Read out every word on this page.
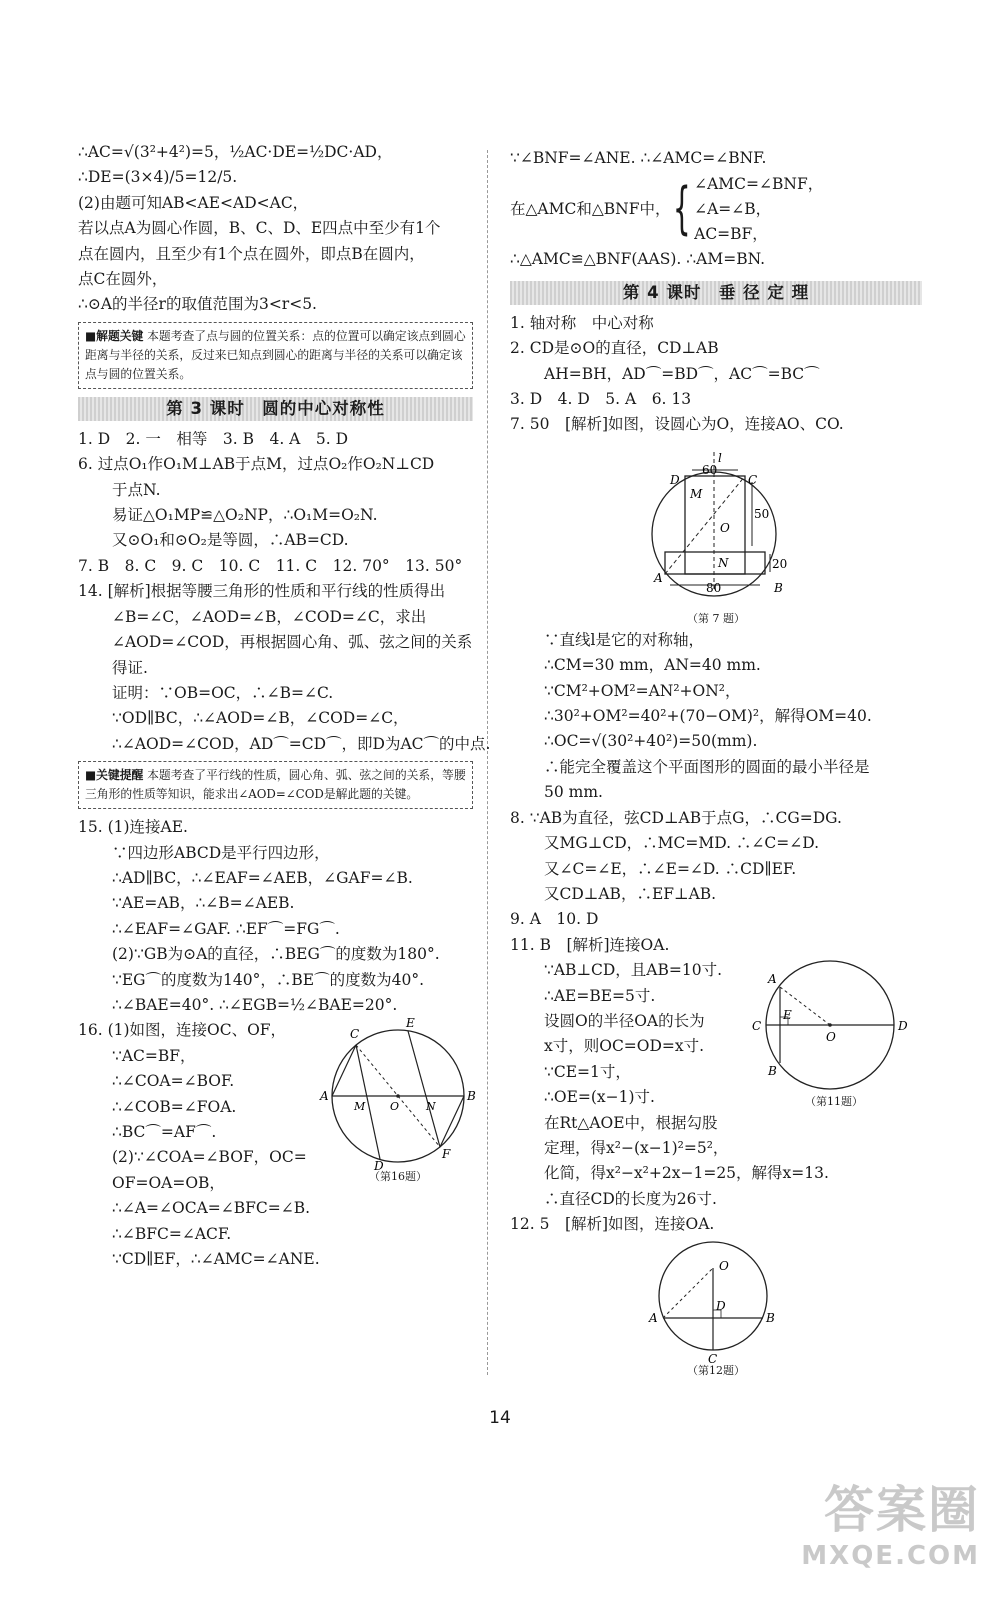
∴AC=√(3²+4²)=5，½AC·DE=½DC·AD，
∴DE=(3×4)/5=12/5.
(2)由题可知AB<AE<AD<AC，
若以点A为圆心作圆，B、C、D、E四点中至少有1个
点在圆内，且至少有1个点在圆外，即点B在圆内，
点C在圆外，
∴⊙A的半径r的取值范围为3<r<5.
■解题关键 本题考查了点与圆的位置关系：点的位置可以确定该点到圆心距离与半径的关系，反过来已知点到圆心的距离与半径的关系可以确定该点与圆的位置关系。
第 3 课时　圆的中心对称性
1. D　2. 一　相等　3. B　4. A　5. D
6. 过点O₁作O₁M⊥AB于点M，过点O₂作O₂N⊥CD
于点N.
易证△O₁MP≌△O₂NP，∴O₁M=O₂N.
又⊙O₁和⊙O₂是等圆，∴AB=CD.
7. B　8. C　9. C　10. C　11. C　12. 70°　13. 50°
14. [解析]根据等腰三角形的性质和平行线的性质得出
∠B=∠C，∠AOD=∠B，∠COD=∠C，求出
∠AOD=∠COD，再根据圆心角、弧、弦之间的关系
得证.
证明：∵OB=OC，∴∠B=∠C.
∵OD∥BC，∴∠AOD=∠B，∠COD=∠C，
∴∠AOD=∠COD，AD⌒=CD⌒，即D为AC⌒的中点.
■关键提醒 本题考查了平行线的性质，圆心角、弧、弦之间的关系，等腰三角形的性质等知识，能求出∠AOD=∠COD是解此题的关键。
15. (1)连接AE.
∵四边形ABCD是平行四边形，
∴AD∥BC，∴∠EAF=∠AEB，∠GAF=∠B.
∵AE=AB，∴∠B=∠AEB.
∴∠EAF=∠GAF. ∴EF⌒=FG⌒.
(2)∵GB为⊙A的直径，∴BEG⌒的度数为180°.
∵EG⌒的度数为140°，∴BE⌒的度数为40°.
∴∠BAE=40°. ∴∠EGB=½∠BAE=20°.
16. (1)如图，连接OC、OF，
∵AC=BF，
∴∠COA=∠BOF.
∴∠COB=∠FOA.
∴BC⌒=AF⌒.
(2)∵∠COA=∠BOF，OC=
OF=OA=OB，
∴∠A=∠OCA=∠BFC=∠B.
∴∠BFC=∠ACF.
∵CD∥EF，∴∠AMC=∠ANE.
C
E
A	B
M O N
D
F
（第16题）
∵∠BNF=∠ANE. ∴∠AMC=∠BNF.
在△AMC和△BNF中， { ∠AMC=∠BNF，
∠A=∠B，
AC=BF，
∴△AMC≌△BNF(AAS). ∴AM=BN.
第 4 课时　垂 径 定 理
1. 轴对称　中心对称
2. CD是⊙O的直径，CD⊥AB
AH=BH，AD⌒=BD⌒，AC⌒=BC⌒
3. D　4. D　5. A　6. 13
7. 50　[解析]如图，设圆心为O，连接AO、CO.
D	C
l
60
M
O
50
N	20
A
80	B
（第 7 题）
∵直线l是它的对称轴，
∴CM=30 mm，AN=40 mm.
∵CM²+OM²=AN²+ON²，
∴30²+OM²=40²+(70−OM)²，解得OM=40.
∴OC=√(30²+40²)=50(mm).
∴能完全覆盖这个平面图形的圆面的最小半径是
50 mm.
8. ∵AB为直径，弦CD⊥AB于点G，∴CG=DG.
又MG⊥CD，∴MC=MD. ∴∠C=∠D.
又∠C=∠E，∴∠E=∠D. ∴CD∥EF.
又CD⊥AB，∴EF⊥AB.
9. A　10. D
11. B　[解析]连接OA.
∵AB⊥CD，且AB=10寸.
∴AE=BE=5寸.
设圆O的半径OA的长为
x寸，则OC=OD=x寸.
∵CE=1寸，
∴OE=(x−1)寸.
在Rt△AOE中，根据勾股
定理，得x²−(x−1)²=5²，
化简，得x²−x²+2x−1=25，解得x=13.
∴直径CD的长度为26寸.
A
C
E
O
D
B
（第11题）
12. 5　[解析]如图，连接OA.
O
D
A	B
C
（第12题）
14
答案圈
MXQE.COM
